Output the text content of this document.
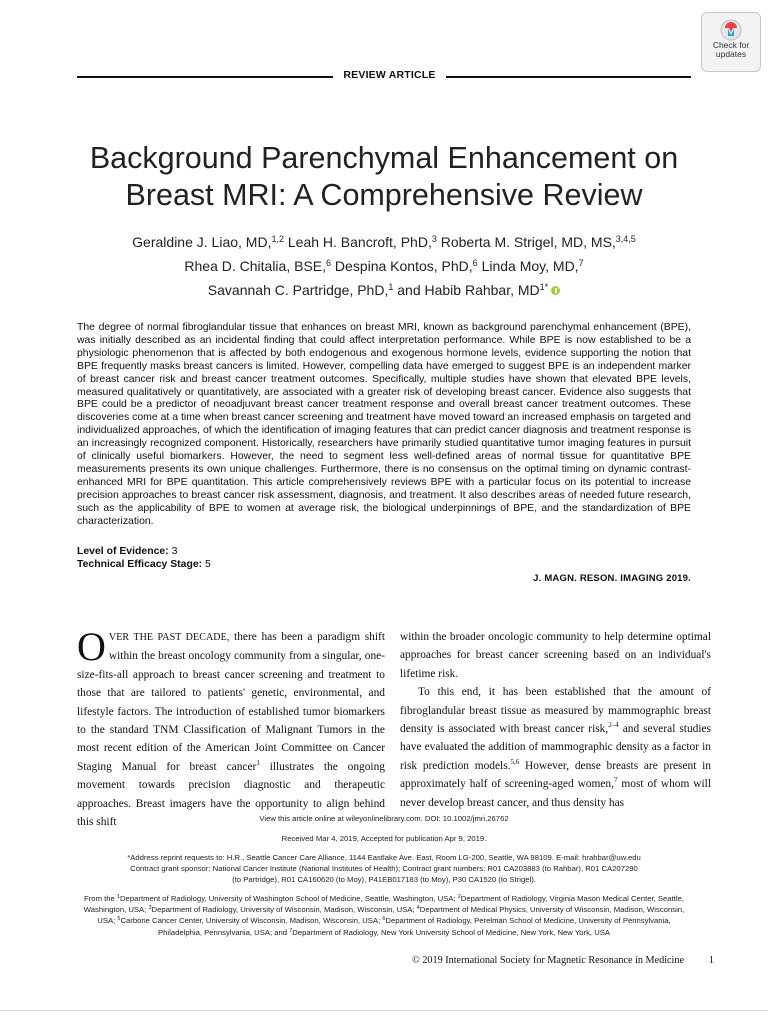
Check for
updates
REVIEW ARTICLE
Background Parenchymal Enhancement on
Breast MRI: A Comprehensive Review
Geraldine J. Liao, MD,$^{1,2}$ Leah H. Bancroft, PhD,$^3$ Roberta M. Strigel, MD, MS,$^{3,4,5}$
Rhea D. Chitalia, BSE,$^6$ Despina Kontos, PhD,$^6$ Linda Moy, MD,$^7$
Savannah C. Partridge, PhD,$^1$ and Habib Rahbar, $MD^{1*}$
The degree of normal fibroglandular tissue that enhances on breast MRI, known as background parenchymal enhancement (BPE), was initially described as an incidental finding that could affect interpretation performance. While BPE is now established to be a physiologic phenomenon that is affected by both endogenous and exogenous hormone levels, evidence supporting the notion that BPE frequently masks breast cancers is limited. However, compelling data have emerged to suggest BPE is an independent marker of breast cancer risk and breast cancer treatment outcomes. Specifically, multiple studies have shown that elevated BPE levels, measured qualitatively or quantitatively, are associated with a greater risk of developing breast cancer. Evidence also suggests that BPE could be a predictor of neoadjuvant breast cancer treatment response and overall breast cancer treatment outcomes. These discoveries come at a time when breast cancer screening and treatment have moved toward an increased emphasis on targeted and individualized approaches, of which the identification of imaging features that can predict cancer diagnosis and treatment response is an increasingly recognized component. Historically, researchers have primarily studied quantitative tumor imaging features in pursuit of clinically useful biomarkers. However, the need to segment less well-defined areas of normal tissue for quantitative BPE measurements presents its own unique challenges. Furthermore, there is no consensus on the optimal timing on dynamic contrast-enhanced MRI for BPE quantitation. This article comprehensively reviews BPE with a particular focus on its potential to increase precision approaches to breast cancer risk assessment, diagnosis, and treatment. It also describes areas of needed future research, such as the applicability of BPE to women at average risk, the biological underpinnings of BPE, and the standardization of BPE characterization.
Level of Evidence: 3
Technical Efficacy Stage: 5
J. MAGN. RESON. IMAGING 2019.

OVER THE PAST DECADE, there has been a paradigm shift within the breast oncology community from a singular, one-size-fits-all approach to breast cancer screening and treatment to those that are tailored to patients' genetic, environmental, and lifestyle factors. The introduction of established tumor biomarkers to the standard TNM Classification of Malignant Tumors in the most recent edition of the American Joint Committee on Cancer Staging Manual for breast cancer$^1$ illustrates the ongoing movement towards precision diagnostic and therapeutic approaches. Breast imagers have the opportunity to align behind this shift

within the broader oncologic community to help determine optimal approaches for breast cancer screening based on an individual's lifetime risk.

To this end, it has been established that the amount of fibroglandular breast tissue as measured by mammographic breast density is associated with breast cancer risk,$^{2-4}$ and several studies have evaluated the addition of mammographic density as a factor in risk prediction models.$^{5,6}$ However, dense breasts are present in approximately half of screening-aged women,$^7$ most of whom will never develop breast cancer, and thus density has

View this article online at wileyonlinelibrary.com. DOI: 10.1002/jmri.26762
Received Mar 4, 2019, Accepted for publication Apr 9, 2019.
*Address reprint requests to: H.R., Seattle Cancer Care Alliance, 1144 Eastlake Ave. East, Room LG-200, Seattle, WA 98109. E-mail: hrahbar@uw.edu
Contract grant sponsor: National Cancer Institute (National Institutes of Health); Contract grant numbers: R01 CA203883 (to Rahbar), R01 CA207290
(to Partridge), R01 CA160620 (to Moy), P41EB017183 (to Moy), P30 CA1520 (to Strigel).
From the $^1$Department of Radiology, University of Washington School of Medicine, Seattle, Washington, USA; $^2$Department of Radiology, Virginia Mason Medical Center, Seattle, Washington, USA; $^3$Department of Radiology, University of Wisconsin, Madison, Wisconsin, USA; $^4$Department of Medical Physics, University of Wisconsin, Madison, Wisconsin, USA; $^5$Carbone Cancer Center, University of Wisconsin, Madison, Wisconsin, USA; $^6$Department of Radiology, Perelman School of Medicine, University of Pennsylvania, Philadelphia, Pennsylvania, USA; and $^7$Department of Radiology, New York University School of Medicine, New York, New York, USA
© 2019 International Society for Magnetic Resonance in Medicine	1
